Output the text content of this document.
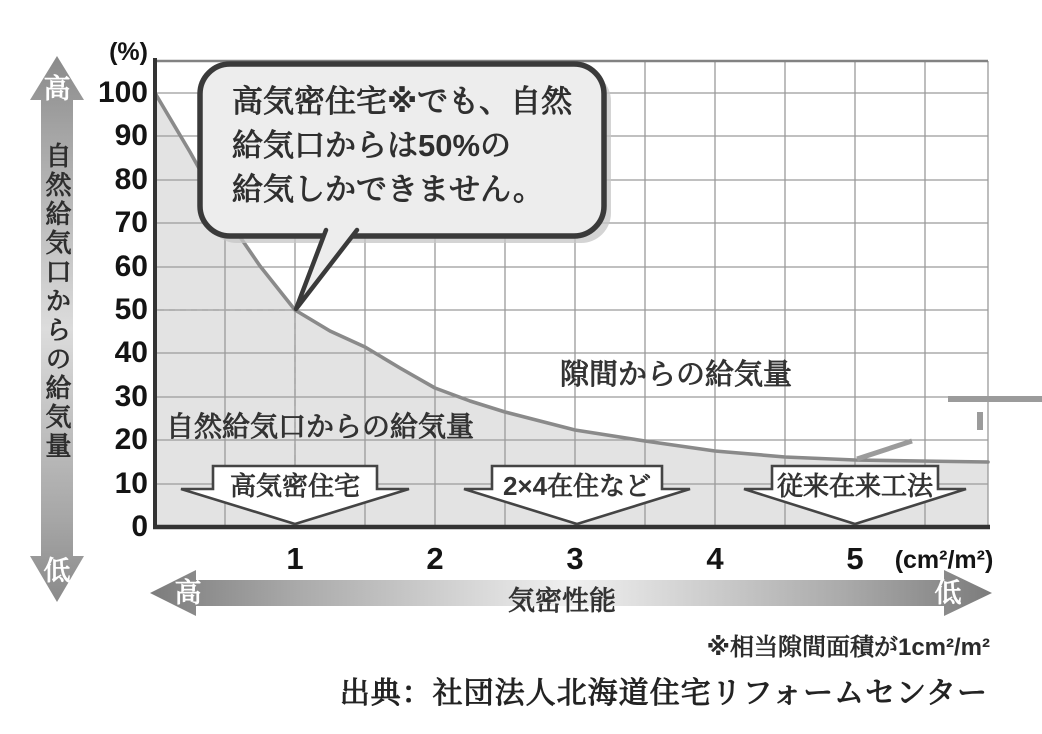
(%)
100
90
80
70
60
50
40
30
20
10
0
1	2	3	4	5	(cm²/m²)
高気密住宅※でも、自然
給気口からは50%の
給気しかできません。
隙間からの給気量
自然給気口からの給気量
高気密住宅	2×4在住など	従来在来工法
高
低
自然給気口からの給気量
高	低
気密性能
※相当隙間面積が1cm²/m²
出典：社団法人北海道住宅リフォームセンター
